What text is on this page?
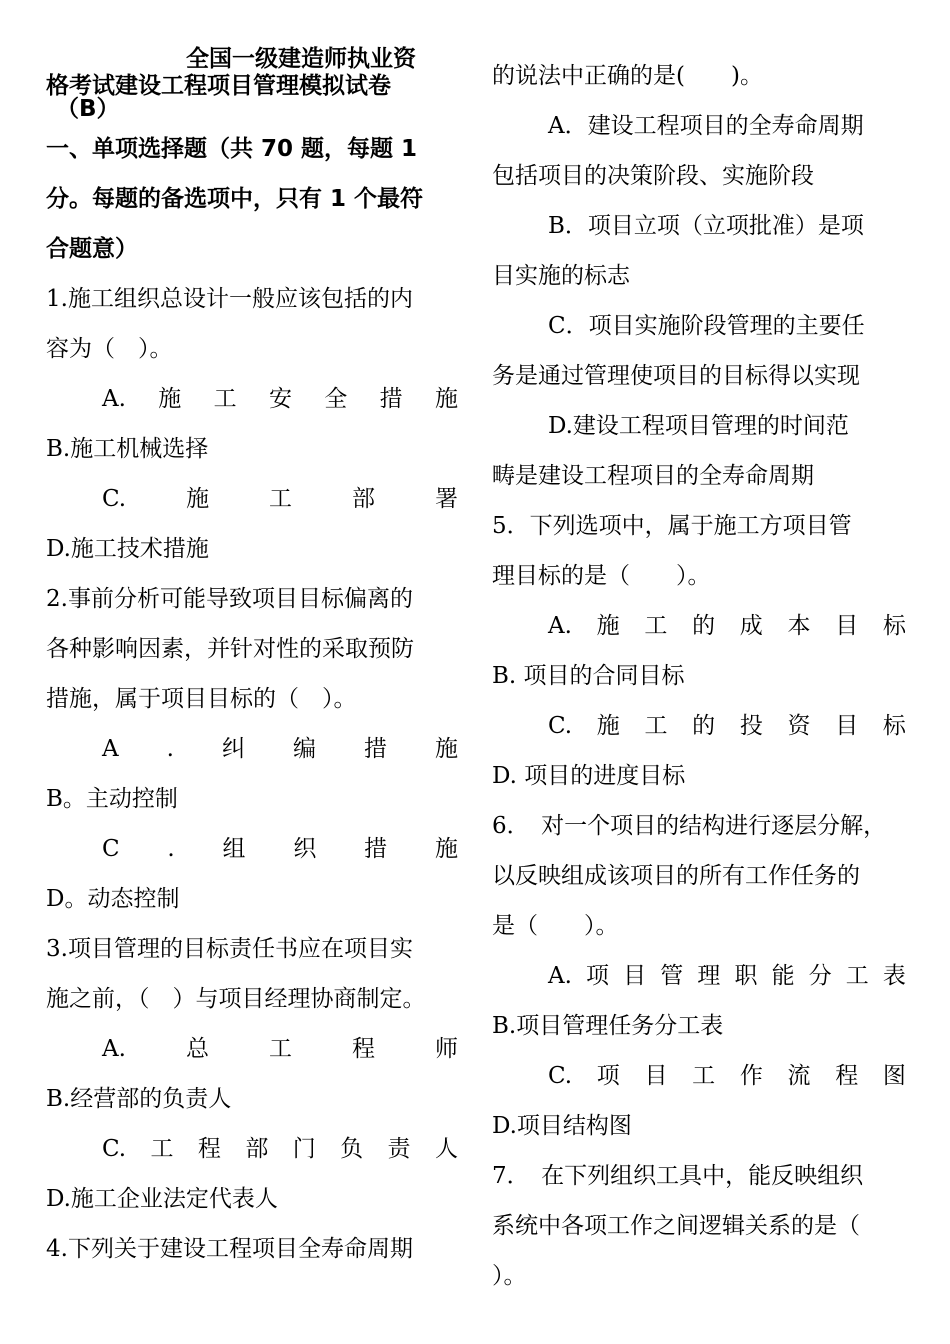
全国一级建造师执业资
格考试建设工程项目管理模拟试卷
（B）
一、单项选择题（共 70 题，每题 1
分。每题的备选项中，只有 1 个最符
合题意）
1.施工组织总设计一般应该包括的内
容为（　）。
A. 施 工 安 全 措 施
B.施工机械选择
C.	施	工	部	署
D.施工技术措施
2.事前分析可能导致项目目标偏离的
各种影响因素，并针对性的采取预防
措施，属于项目目标的（　）。
A . 纠 编 措 施
B。主动控制
C . 组 织 措 施
D。动态控制
3.项目管理的目标责任书应在项目实
施之前，（　）与项目经理协商制定。
A.	总	工	程	师
B.经营部的负责人
C. 工 程 部 门 负 责 人
D.施工企业法定代表人
4.下列关于建设工程项目全寿命周期
的说法中正确的是(　　)。
A．建设工程项目的全寿命周期
包括项目的决策阶段、实施阶段
B．项目立项（立项批准）是项
目实施的标志
C．项目实施阶段管理的主要任
务是通过管理使项目的目标得以实现
D.建设工程项目管理的时间范
畴是建设工程项目的全寿命周期
5．下列选项中，属于施工方项目管
理目标的是（　　）。
A. 施 工 的 成 本 目 标
B. 项目的合同目标
C. 施 工 的 投 资 目 标
D. 项目的进度目标
6．　对一个项目的结构进行逐层分解，
以反映组成该项目的所有工作任务的
是（　　）。
A. 项 目 管 理 职 能 分 工 表
B.项目管理任务分工表
C. 项 目 工 作 流 程 图
D.项目结构图
7．　在下列组织工具中，能反映组织
系统中各项工作之间逻辑关系的是（
）。
